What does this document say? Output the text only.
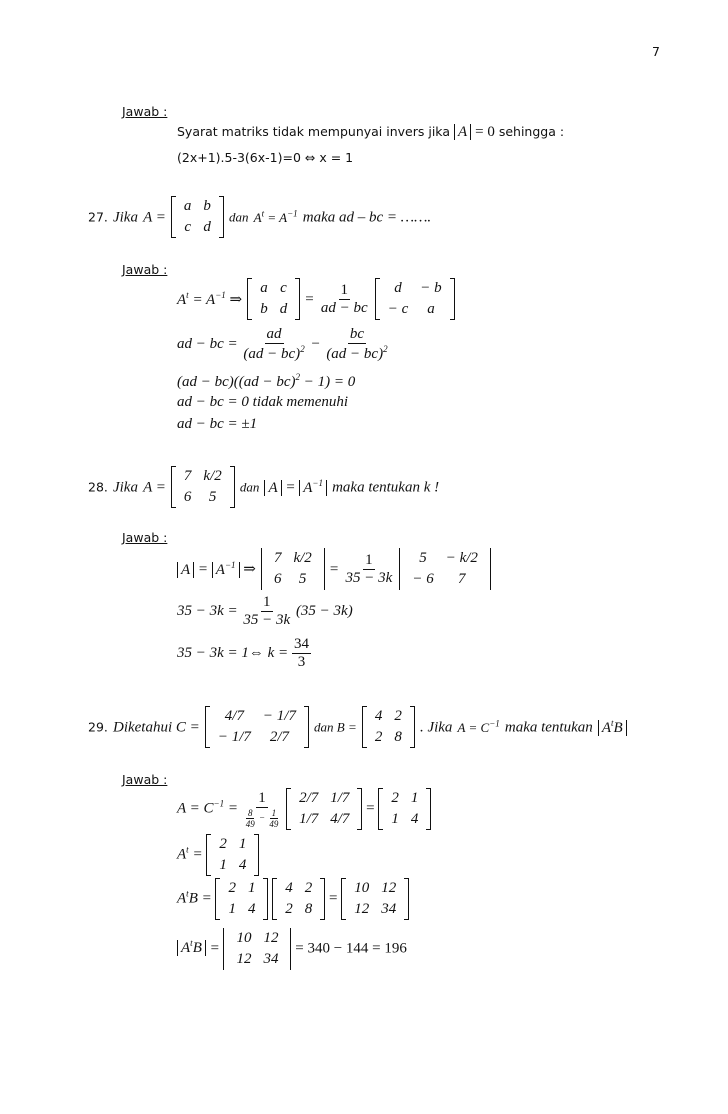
7
Jawab :
Syarat matriks tidak mempunyai invers jika A = 0 sehingga :
(2x+1).5-3(6x-1)=0 ⇔ x = 1
27. Jika A =
a	b
c	d
dan $A^t = A^{-1}$ maka ad – bc = …….
Jawab :
$A^t = A^{-1}$ ⇒
a	c
b	d
= $\frac{1}{ad - bc}$
d	− b
− c	a
ad − bc = $\frac{ad}{(ad - bc)^2} - \frac{bc}{(ad - bc)^2}$
(ad − bc)((ad − bc)$^2$ − 1) = 0
ad − bc = 0 tidak memenuhi
ad − bc = ±1
28. Jika A =
7	k/2
6	5
dan $A = A^{-1}$ maka tentukan k !
Jawab :
$A = A^{-1}$ ⇒
7	k/2
6	5
= $\frac{1}{35 - 3k}$
5	− k/2
− 6	7
$35 - 3k = \frac{1}{35 - 3k} (35 - 3k)$
35 − 3k = 1⇔ $k = \frac{34}{3}$
29. Diketahui C =
4/7	− 1/7
− 1/7	2/7
dan B =
4	2
2	8
. Jika $A = C^{-1}$ maka tentukan $A^tB$
Jawab :
$A = C^{-1} = \frac{1}{\frac{8}{49} - \frac{1}{49}}$
2/7	1/7
1/7	4/7
=
2	1
1	4
$A^t$ =
2	1
1	4
$A^tB$ =
2	1
1	4

4	2
2	8
=
10	12
12	34
$A^tB$ =
10	12
12	34
= 340 − 144 = 196
